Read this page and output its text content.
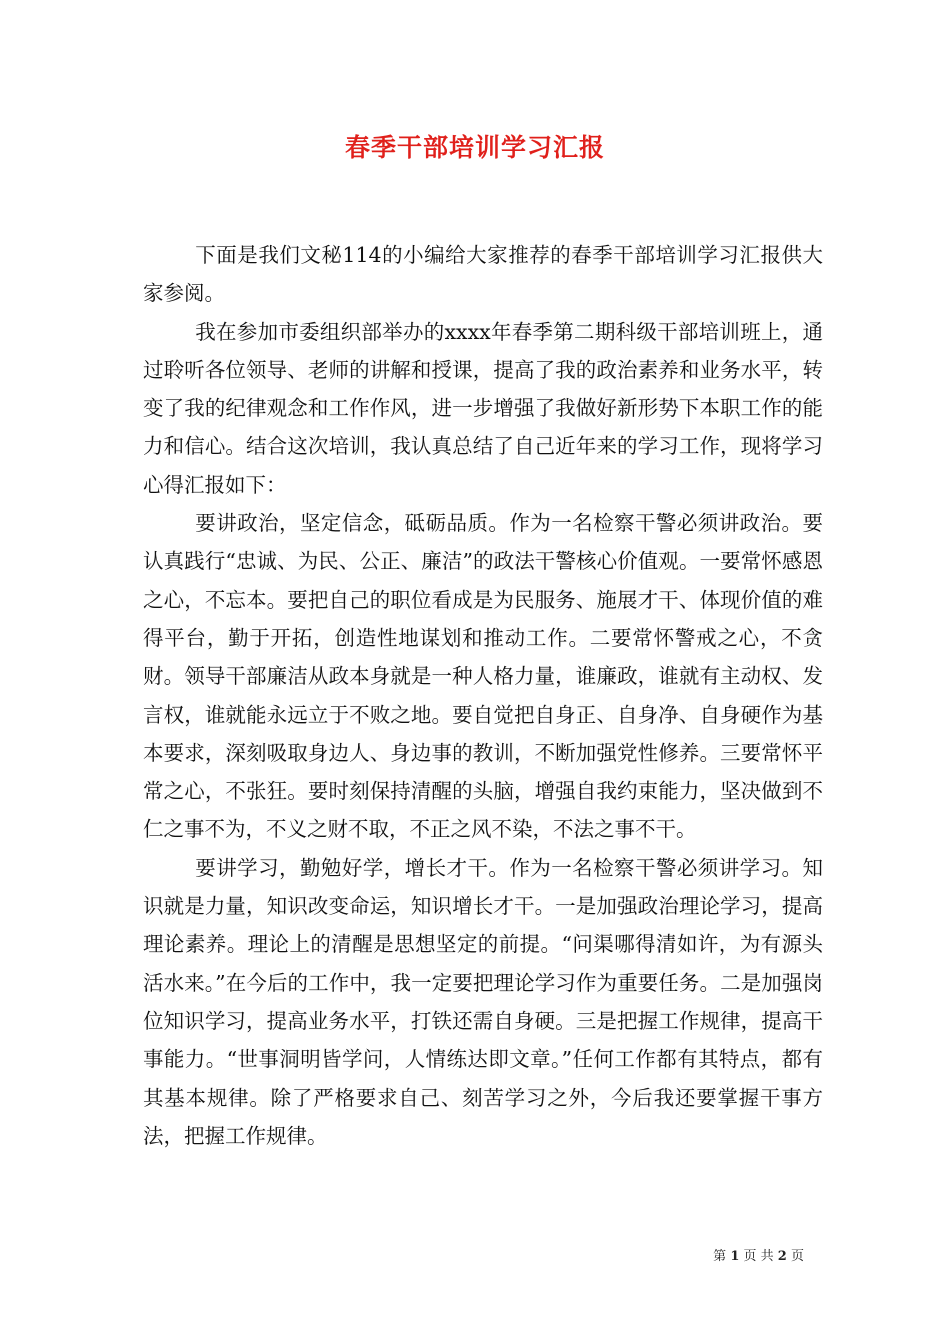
春季干部培训学习汇报

下面是我们文秘114的小编给大家推荐的春季干部培训学习汇报供大家参阅。

我在参加市委组织部举办的xxxx年春季第二期科级干部培训班上，通过聆听各位领导、老师的讲解和授课，提高了我的政治素养和业务水平，转变了我的纪律观念和工作作风，进一步增强了我做好新形势下本职工作的能力和信心。结合这次培训，我认真总结了自己近年来的学习工作，现将学习心得汇报如下：

要讲政治，坚定信念，砥砺品质。作为一名检察干警必须讲政治。要认真践行“忠诚、为民、公正、廉洁”的政法干警核心价值观。一要常怀感恩之心，不忘本。要把自己的职位看成是为民服务、施展才干、体现价值的难得平台，勤于开拓，创造性地谋划和推动工作。二要常怀警戒之心，不贪财。领导干部廉洁从政本身就是一种人格力量，谁廉政，谁就有主动权、发言权，谁就能永远立于不败之地。要自觉把自身正、自身净、自身硬作为基本要求，深刻吸取身边人、身边事的教训，不断加强党性修养。三要常怀平常之心，不张狂。要时刻保持清醒的头脑，增强自我约束能力，坚决做到不仁之事不为，不义之财不取，不正之风不染，不法之事不干。

要讲学习，勤勉好学，增长才干。作为一名检察干警必须讲学习。知识就是力量，知识改变命运，知识增长才干。一是加强政治理论学习，提高理论素养。理论上的清醒是思想坚定的前提。“问渠哪得清如许，为有源头活水来。”在今后的工作中，我一定要把理论学习作为重要任务。二是加强岗位知识学习，提高业务水平，打铁还需自身硬。三是把握工作规律，提高干事能力。“世事洞明皆学问，人情练达即文章。”任何工作都有其特点，都有其基本规律。除了严格要求自己、刻苦学习之外，今后我还要掌握干事方法，把握工作规律。

第 1 页 共 2 页
